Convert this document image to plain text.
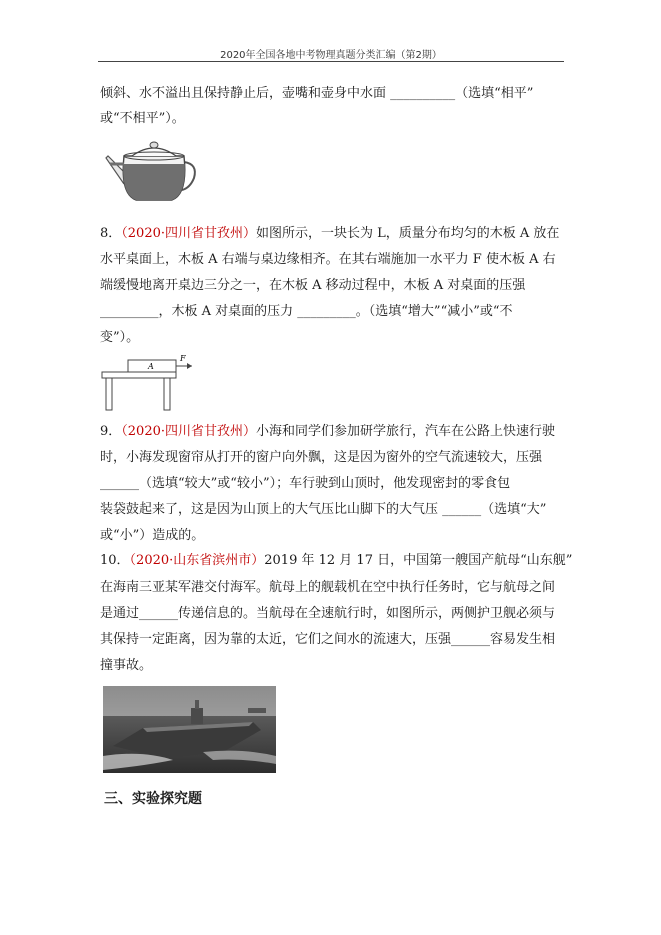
2020年全国各地中考物理真题分类汇编（第2期）
倾斜、水不溢出且保持静止后，壶嘴和壶身中水面 __________（选填“相平”
或“不相平”）。
8．（2020·四川省甘孜州）如图所示，一块长为 L，质量分布均匀的木板 A 放在
水平桌面上，木板 A 右端与桌边缘相齐。在其右端施加一水平力 F 使木板 A 右
端缓慢地离开桌边三分之一，在木板 A 移动过程中，木板 A 对桌面的压强
_________，木板 A 对桌面的压力 _________。（选填“增大”“减小”或“不
变”）。
A
F
9．（2020·四川省甘孜州）小海和同学们参加研学旅行，汽车在公路上快速行驶
时，小海发现窗帘从打开的窗户向外飘，这是因为窗外的空气流速较大，压强
______（选填“较大”或“较小”）；车行驶到山顶时，他发现密封的零食包
装袋鼓起来了，这是因为山顶上的大气压比山脚下的大气压 ______（选填“大”
或“小”）造成的。
10．（2020·山东省滨州市）2019 年 12 月 17 日，中国第一艘国产航母“山东舰”
在海南三亚某军港交付海军。航母上的舰载机在空中执行任务时，它与航母之间
是通过______传递信息的。当航母在全速航行时，如图所示，两侧护卫舰必须与
其保持一定距离，因为靠的太近，它们之间水的流速大，压强______容易发生相
撞事故。
三、实验探究题
